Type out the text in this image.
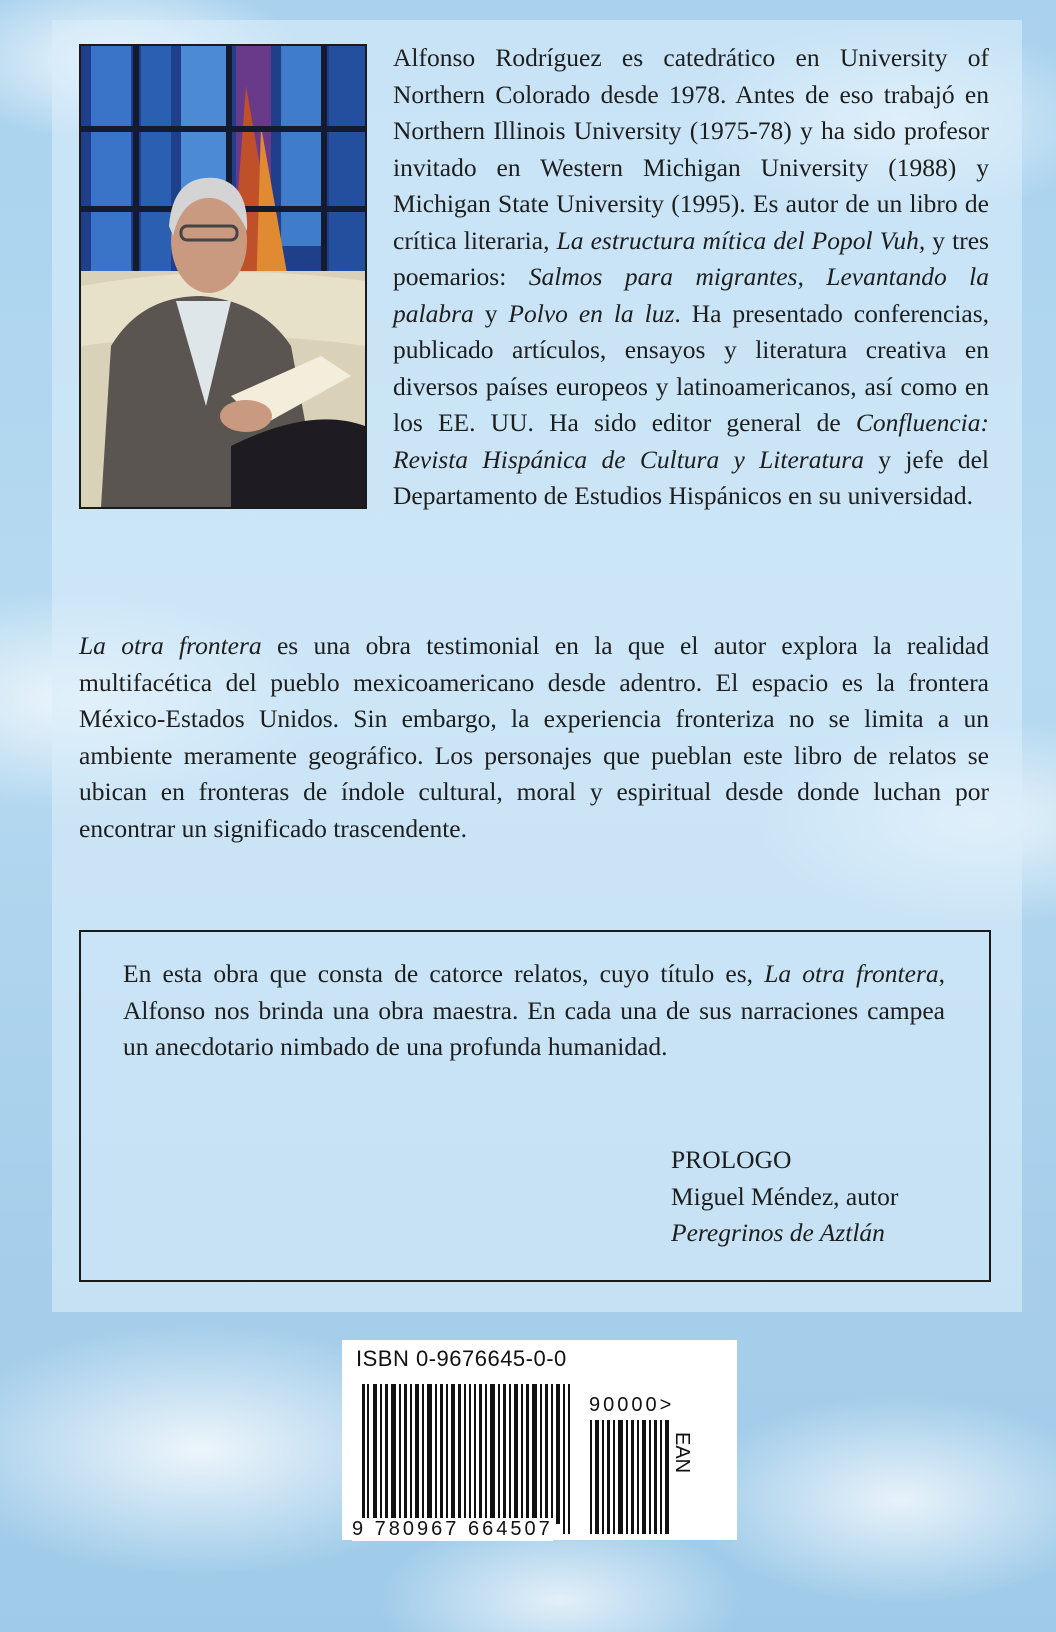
Alfonso Rodríguez es catedrático en University of Northern Colorado desde 1978. Antes de eso trabajó en Northern Illinois University (1975-78) y ha sido profesor invitado en Western Michigan University (1988) y Michigan State University (1995). Es autor de un libro de crítica literaria, La estructura mítica del Popol Vuh, y tres poemarios: Salmos para migrantes, Levantando la palabra y Polvo en la luz. Ha presentado conferencias, publicado artículos, ensayos y literatura creativa en diversos países europeos y latinoamericanos, así como en los EE. UU. Ha sido editor general de Confluencia: Revista Hispánica de Cultura y Literatura y jefe del Departamento de Estudios Hispánicos en su universidad.

La otra frontera es una obra testimonial en la que el autor explora la realidad multifacética del pueblo mexicoamericano desde adentro. El espacio es la frontera México-Estados Unidos. Sin embargo, la experiencia fronteriza no se limita a un ambiente meramente geográfico. Los personajes que pueblan este libro de relatos se ubican en fronteras de índole cultural, moral y espiritual desde donde luchan por encontrar un significado trascendente.

En esta obra que consta de catorce relatos, cuyo título es, La otra frontera, Alfonso nos brinda una obra maestra. En cada una de sus narraciones campea un anecdotario nimbado de una profunda humanidad.

PROLOGO
Miguel Méndez, autor
Peregrinos de Aztlán
ISBN 0-9676645-0-0
90000>
EAN
9 780967 664507
